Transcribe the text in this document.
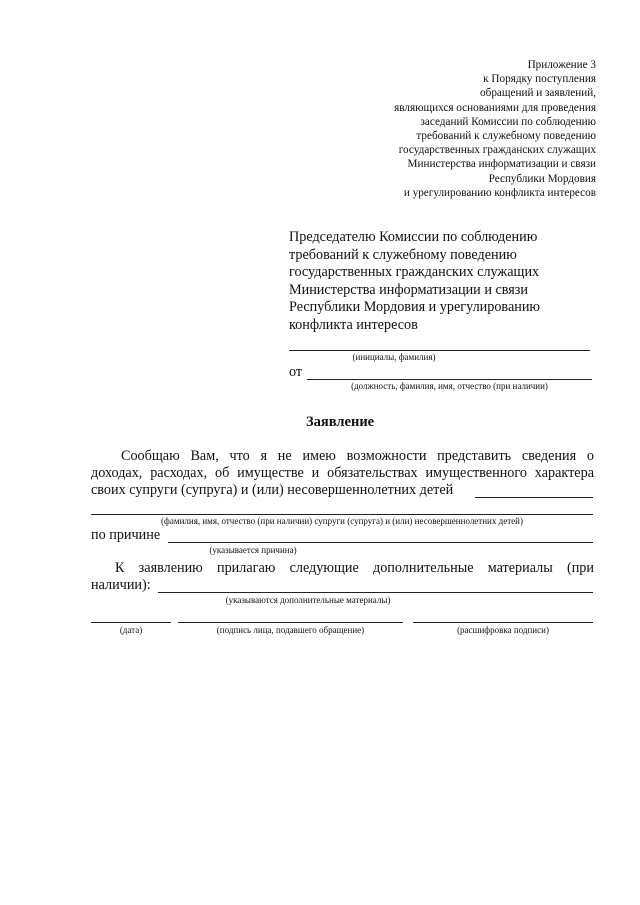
Приложение 3
к Порядку поступления
обращений и заявлений,
являющихся основаниями для проведения
заседаний Комиссии по соблюдению
требований к служебному поведению
государственных гражданских служащих
Министерства информатизации и связи
Республики Мордовия
и урегулированию конфликта интересов
Председателю Комиссии по соблюдению
требований к служебному поведению
государственных гражданских служащих
Министерства информатизации и связи
Республики Мордовия и урегулированию
конфликта интересов
(инициалы, фамилия)
от
(должность, фамилия, имя, отчество (при наличии)
Заявление
Сообщаю Вам, что я не имею возможности представить сведения о
доходах, расходах, об имуществе и обязательствах имущественного характера
своих супруги (супруга) и (или) несовершеннолетних детей
(фамилия, имя, отчество (при наличии) супруги (супруга) и (или) несовершеннолетних детей)
по причине
(указывается причина)
К заявлению прилагаю следующие дополнительные материалы (при
наличии):
(указываются дополнительные материалы)
(дата)	(подпись лица, подавшего обращение)	(расшифровка подписи)
